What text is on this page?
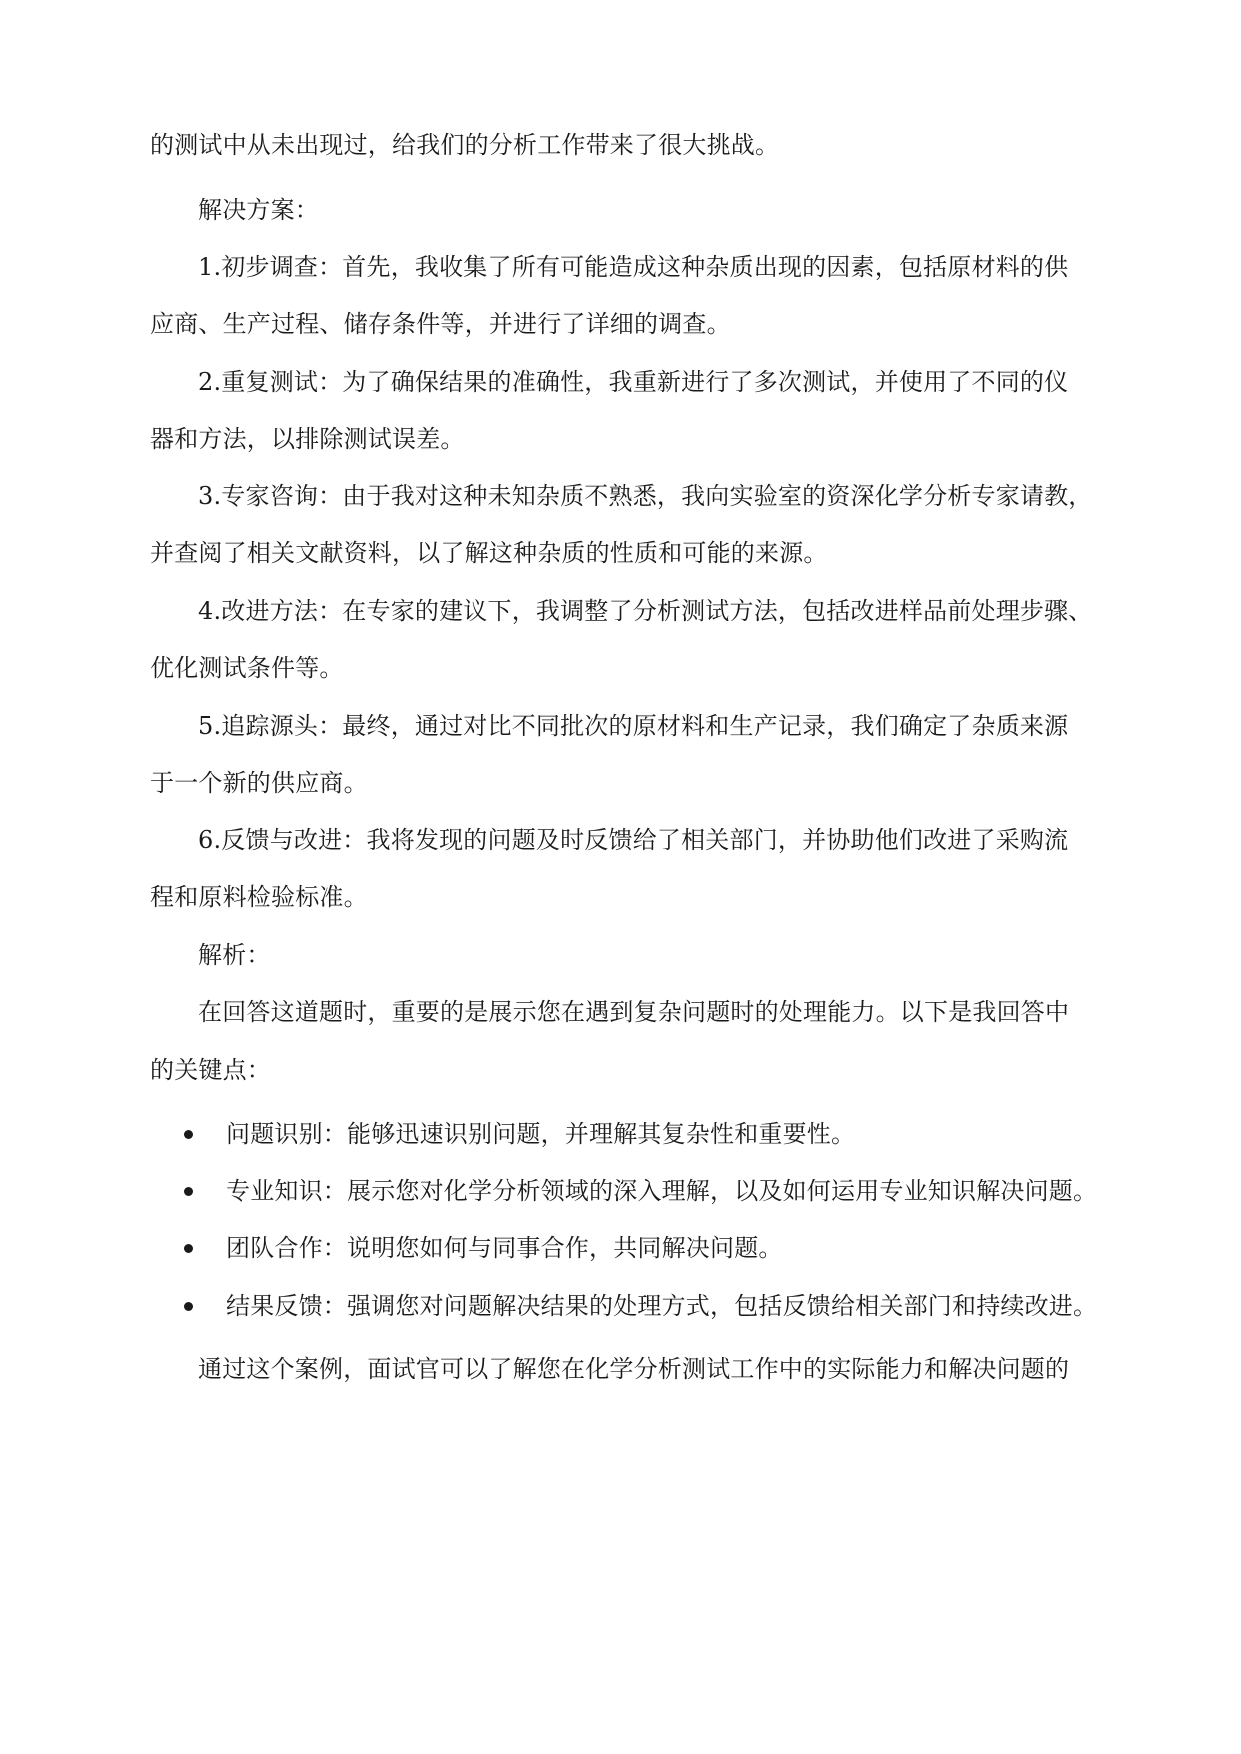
的测试中从未出现过，给我们的分析工作带来了很大挑战。
解决方案：
1.初步调查：首先，我收集了所有可能造成这种杂质出现的因素，包括原材料的供
应商、生产过程、储存条件等，并进行了详细的调查。
2.重复测试：为了确保结果的准确性，我重新进行了多次测试，并使用了不同的仪
器和方法，以排除测试误差。
3.专家咨询：由于我对这种未知杂质不熟悉，我向实验室的资深化学分析专家请教，
并查阅了相关文献资料，以了解这种杂质的性质和可能的来源。
4.改进方法：在专家的建议下，我调整了分析测试方法，包括改进样品前处理步骤、
优化测试条件等。
5.追踪源头：最终，通过对比不同批次的原材料和生产记录，我们确定了杂质来源
于一个新的供应商。
6.反馈与改进：我将发现的问题及时反馈给了相关部门，并协助他们改进了采购流
程和原料检验标准。
解析：
在回答这道题时，重要的是展示您在遇到复杂问题时的处理能力。以下是我回答中
的关键点：
问题识别：能够迅速识别问题，并理解其复杂性和重要性。
专业知识：展示您对化学分析领域的深入理解，以及如何运用专业知识解决问题。
团队合作：说明您如何与同事合作，共同解决问题。
结果反馈：强调您对问题解决结果的处理方式，包括反馈给相关部门和持续改进。
通过这个案例，面试官可以了解您在化学分析测试工作中的实际能力和解决问题的
